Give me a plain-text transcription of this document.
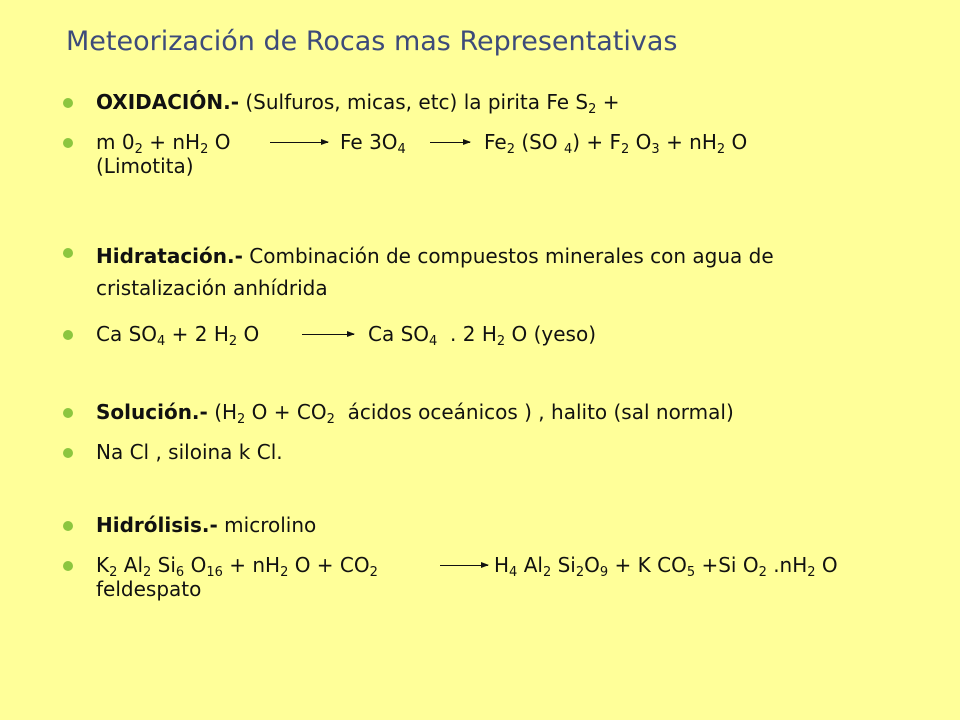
Meteorización de Rocas mas Representativas
OXIDACIÓN.- (Sulfuros, micas, etc) la pirita Fe $S_2$ +
m $0_2 + nH_2$ O → Fe $3O_4 \to Fe_2$ (SO $_4) + F_2$ $O_3 + nH_2$ O
(Limotita)
Hidratación.- Combinación de compuestos minerales con agua de
cristalización anhídrida
Ca $SO_4 + 2$ $H_2$ O → Ca $SO_4$ . 2 $H_2$ O (yeso)
Solución.- ($H_2$ $O + CO_2$ ácidos oceánicos ) , halito (sal normal)
Na Cl , siloina k Cl.
Hidrólisis.- microlino
$K_2$ $Al_2$ $Si_6$ $O_{16} + nH_2$ $O + CO_2$	→ $H_4$ $Al_2$ $Si_2O_9 + K$ $CO_5 +Si$ $O_2$ $.nH_2$ O
feldespato
